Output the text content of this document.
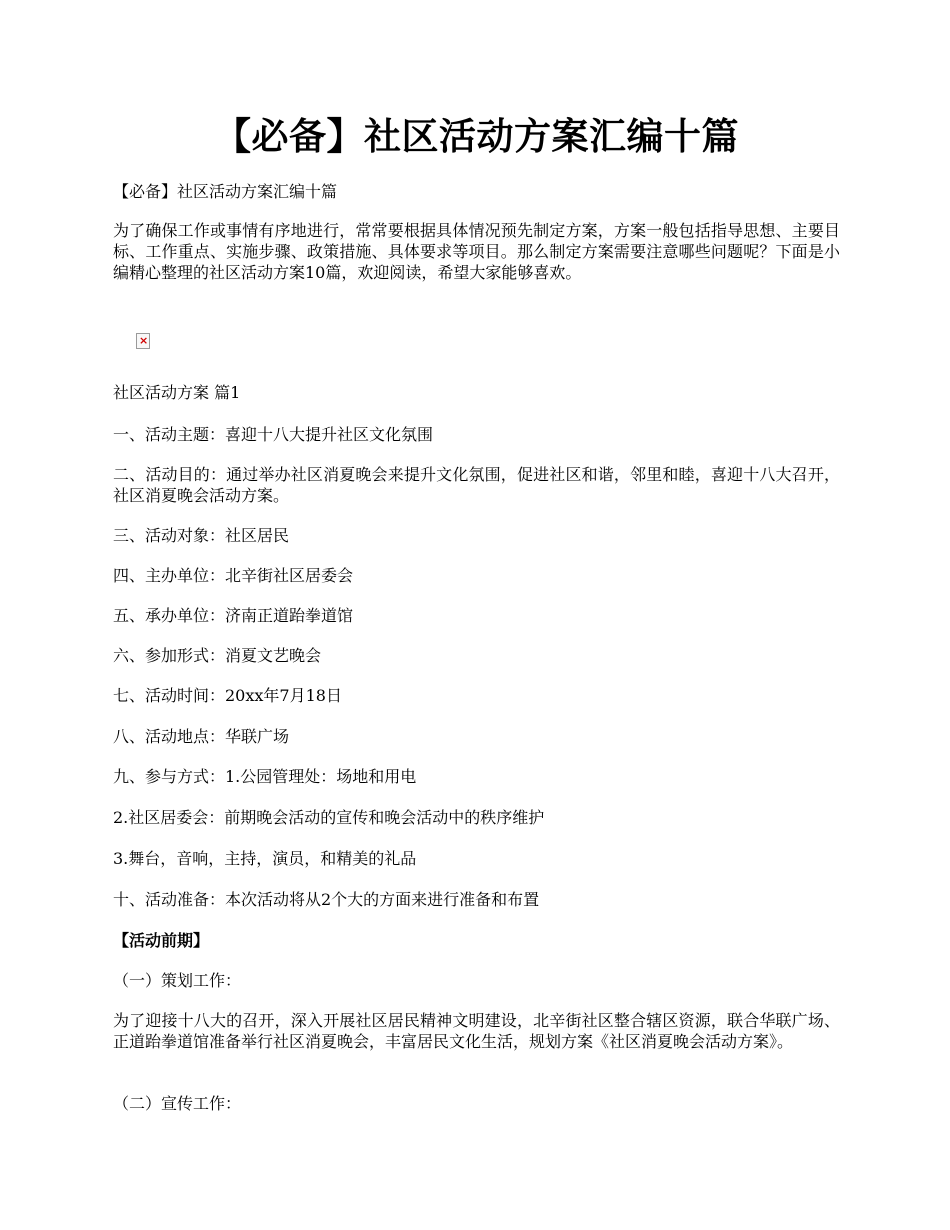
【必备】社区活动方案汇编十篇
【必备】社区活动方案汇编十篇
为了确保工作或事情有序地进行，常常要根据具体情况预先制定方案，方案一般包括指导思想、主要目标、工作重点、实施步骤、政策措施、具体要求等项目。那么制定方案需要注意哪些问题呢？下面是小编精心整理的社区活动方案10篇，欢迎阅读，希望大家能够喜欢。
×
社区活动方案 篇1
一、活动主题：喜迎十八大提升社区文化氛围
二、活动目的：通过举办社区消夏晚会来提升文化氛围，促进社区和谐，邻里和睦，喜迎十八大召开，社区消夏晚会活动方案。
三、活动对象：社区居民
四、主办单位：北辛街社区居委会
五、承办单位：济南正道跆拳道馆
六、参加形式：消夏文艺晚会
七、活动时间：20xx年7月18日
八、活动地点：华联广场
九、参与方式：1.公园管理处：场地和用电
2.社区居委会：前期晚会活动的宣传和晚会活动中的秩序维护
3.舞台，音响，主持，演员，和精美的礼品
十、活动准备：本次活动将从2个大的方面来进行准备和布置
【活动前期】
（一）策划工作：
为了迎接十八大的召开，深入开展社区居民精神文明建设，北辛街社区整合辖区资源，联合华联广场、正道跆拳道馆准备举行社区消夏晚会，丰富居民文化生活，规划方案《社区消夏晚会活动方案》。
（二）宣传工作：
